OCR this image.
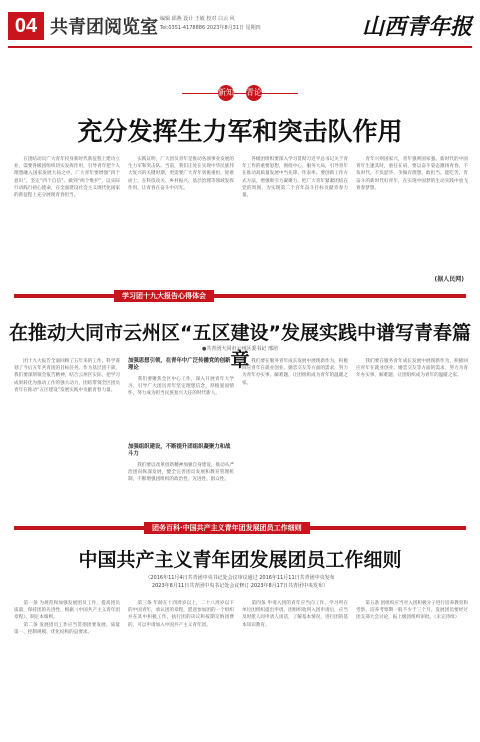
04 共青团阅览室 编辑 邱燕 设计 王敏 校对 白云 风
Tel:0351-4178886 2023年8月31日 星期四	山西青年报
新知 青论
充分发挥生力军和突击队作用
　　在团结动员广大青年投身新时代新征程上建功立业，需要各级团组织切实发挥作用，引导青年把个人理想融入国家发展大局之中。广大青年要增强“四个意识”、坚定“四个自信”、做到“两个维护”，以实际行动践行初心使命，在全面建设社会主义现代化国家的新征程上充分展现青春担当。
　　实践证明，广大团员青年是推动各项事业发展的生力军和突击队。当前，我们正处在实现中华民族伟大复兴的关键时期，更需要广大青年勇挑重担、迎难而上，在科技攻关、乡村振兴、基层治理等领域发挥作用，让青春在奋斗中闪光。
　　各级团组织要深入学习贯彻习近平总书记关于青年工作的重要思想，围绕中心、服务大局，引导青年在推动高质量发展中当先锋、作表率。要创新工作方式方法，增强吸引力凝聚力，把广大青年紧紧团结在党的周围，为实现第二个百年奋斗目标贡献青春力量。
　　青年兴则国家兴，青年强则国家强。新时代的中国青年生逢其时，重任在肩，要以奋斗姿态激扬青春，不负时代，不负韶华，争做有理想、敢担当、能吃苦、肯奋斗的新时代好青年，在实现中国梦的生动实践中放飞青春梦想。
(据人民网)
学习团十九大报告心得体会
在推动大同市云州区“五区建设”发展实践中谱写青春篇章
●共青团大同市云州区委书记 邢培
　　团十九大报告全面回顾了五年来的工作，科学谋划了今后五年共青团的目标任务。作为基层团干部，我们要深刻领会报告精神，结合云州区实际，把学习成果转化为推动工作的强大动力，团结带领全区团员青年在推动“五区建设”发展实践中贡献青春力量。
加强思想引领，在青年中广泛传播党的创新理论
　　我们要聚焦全区中心工作，深入开展青年大学习，引导广大团员青年坚定理想信念，厚植爱国情怀，努力成为担当民族复兴大任的时代新人。
加强组织建设，不断提升团组织凝聚力和战斗力
　　我们要以改革创新精神加强自身建设，推动从严治团向纵深发展，健全完善团员发展和教育管理机制，不断增强团组织的政治性、先进性、群众性。
　　我们要在服务青年成长发展中展现新作为，积极回应青年在就业创业、婚恋交友等方面的需求，努力为青年办实事、解难题，让团组织成为青年的温暖之家。
　　我们要在服务青年成长发展中展现新作为，积极回应青年在就业创业、婚恋交友等方面的需求，努力为青年办实事、解难题，让团组织成为青年的温暖之家。
团务百科·中国共产主义青年团发展团员工作细则
中国共产主义青年团发展团员工作细则
（2016年11月4日共青团中央书记处会议审议通过 2016年11月11日共青团中央发布
2023年8月11日共青团中央书记处会议修订 2023年8月17日共青团中央发布）
　　第一条 为规范和加强发展团员工作，提高团员质量，保持团的先进性，根据《中国共产主义青年团章程》，制定本细则。
　　第二条 发展团员工作应当贯彻团要发展、质量第一、控制规模、优化结构的总要求。
　　第三条 年龄在十四周岁以上，二十八周岁以下的中国青年，承认团的章程，愿意参加团的一个组织并在其中积极工作、执行团的决议和按期交纳团费的，可以申请加入中国共产主义青年团。
　　第四条 申请入团的青年应当向工作、学习所在单位团组织提出申请。团组织收到入团申请后，应当及时派人同申请人谈话，了解基本情况，进行团的基本知识教育。
　　第五条 团组织应当对入团积极分子进行培养教育和考察，培养考察期一般不少于三个月。发展团员要经过团支部大会讨论，报上级团组织审批。（未完待续）
